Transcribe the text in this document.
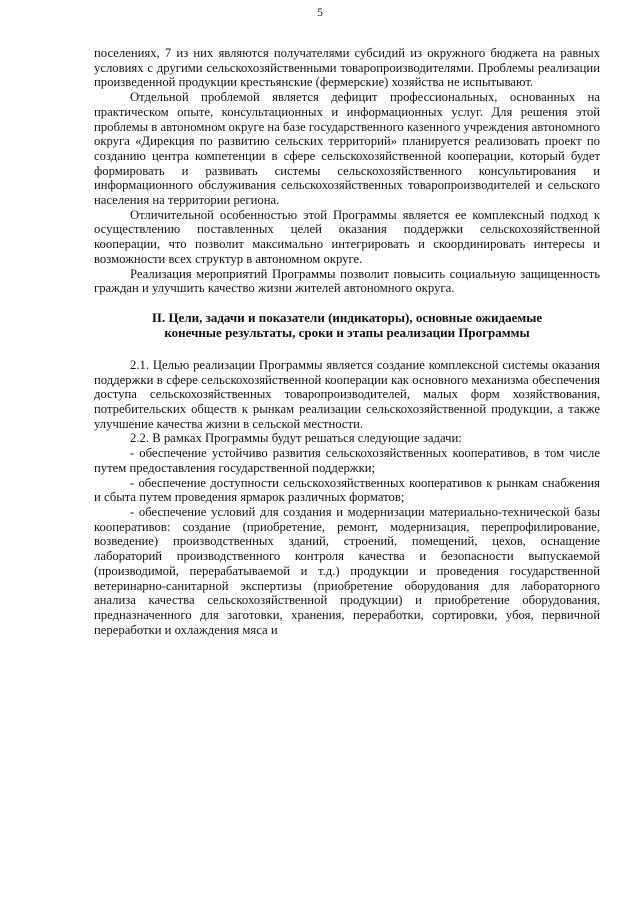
5

поселениях, 7 из них являются получателями субсидий из окружного бюджета на равных условиях с другими сельскохозяйственными товаропроизводителями. Проблемы реализации произведенной продукции крестьянские (фермерские) хозяйства не испытывают.

Отдельной проблемой является дефицит профессиональных, основанных на практическом опыте, консультационных и информационных услуг. Для решения этой проблемы в автономном округе на базе государственного казенного учреждения автономного округа «Дирекция по развитию сельских территорий» планируется реализовать проект по созданию центра компетенции в сфере сельскохозяйственной кооперации, который будет формировать и развивать системы сельскохозяйственного консультирования и информационного обслуживания сельскохозяйственных товаропроизводителей и сельского населения на территории региона.

Отличительной особенностью этой Программы является ее комплексный подход к осуществлению поставленных целей оказания поддержки сельскохозяйственной кооперации, что позволит максимально интегрировать и скоординировать интересы и возможности всех структур в автономном округе.

Реализация мероприятий Программы позволит повысить социальную защищенность граждан и улучшить качество жизни жителей автономного округа.

II. Цели, задачи и показатели (индикаторы), основные ожидаемые
конечные результаты, сроки и этапы реализации Программы

2.1. Целью реализации Программы является создание комплексной системы оказания поддержки в сфере сельскохозяйственной кооперации как основного механизма обеспечения доступа сельскохозяйственных товаропроизводителей, малых форм хозяйствования, потребительских обществ к рынкам реализации сельскохозяйственной продукции, а также улучшение качества жизни в сельской местности.

2.2. В рамках Программы будут решаться следующие задачи:

- обеспечение устойчиво развития сельскохозяйственных кооперативов, в том числе путем предоставления государственной поддержки;

- обеспечение доступности сельскохозяйственных кооперативов к рынкам снабжения и сбыта путем проведения ярмарок различных форматов;

- обеспечение условий для создания и модернизации материально-технической базы кооперативов: создание (приобретение, ремонт, модернизация, перепрофилирование, возведение) производственных зданий, строений, помещений, цехов, оснащение лабораторий производственного контроля качества и безопасности выпускаемой (производимой, перерабатываемой и т.д.) продукции и проведения государственной ветеринарно-санитарной экспертизы (приобретение оборудования для лабораторного анализа качества сельскохозяйственной продукции) и приобретение оборудования, предназначенного для заготовки, хранения, переработки, сортировки, убоя, первичной переработки и охлаждения мяса и
